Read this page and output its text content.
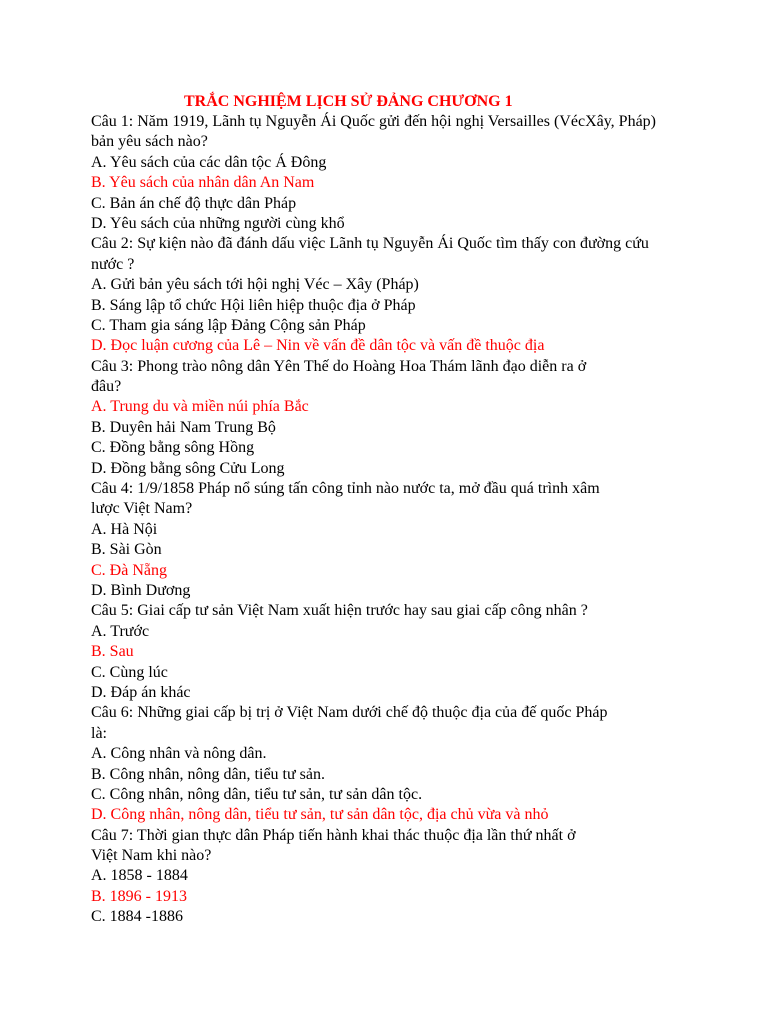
TRẮC NGHIỆM LỊCH SỬ ĐẢNG CHƯƠNG 1
Câu 1: Năm 1919, Lãnh tụ Nguyễn Ái Quốc gửi đến hội nghị Versailles (VécXây, Pháp)
bản yêu sách nào?
A. Yêu sách của các dân tộc Á Đông
B. Yêu sách của nhân dân An Nam
C. Bản án chế độ thực dân Pháp
D. Yêu sách của những người cùng khổ
Câu 2: Sự kiện nào đã đánh dấu việc Lãnh tụ Nguyễn Ái Quốc tìm thấy con đường cứu
nước ?
A. Gửi bản yêu sách tới hội nghị Véc – Xây (Pháp)
B. Sáng lập tổ chức Hội liên hiệp thuộc địa ở Pháp
C. Tham gia sáng lập Đảng Cộng sản Pháp
D. Đọc luận cương của Lê – Nin về vấn đề dân tộc và vấn đề thuộc địa
Câu 3: Phong trào nông dân Yên Thế do Hoàng Hoa Thám lãnh đạo diễn ra ở
đâu?
A. Trung du và miền núi phía Bắc
B. Duyên hải Nam Trung Bộ
C. Đồng bằng sông Hồng
D. Đồng bằng sông Cửu Long
Câu 4: 1/9/1858 Pháp nổ súng tấn công tỉnh nào nước ta, mở đầu quá trình xâm
lược Việt Nam?
A. Hà Nội
B. Sài Gòn
C. Đà Nẵng
D. Bình Dương
Câu 5: Giai cấp tư sản Việt Nam xuất hiện trước hay sau giai cấp công nhân ?
A. Trước
B. Sau
C. Cùng lúc
D. Đáp án khác
Câu 6: Những giai cấp bị trị ở Việt Nam dưới chế độ thuộc địa của đế quốc Pháp
là:
A. Công nhân và nông dân.
B. Công nhân, nông dân, tiểu tư sản.
C. Công nhân, nông dân, tiểu tư sản, tư sản dân tộc.
D. Công nhân, nông dân, tiểu tư sản, tư sản dân tộc, địa chủ vừa và nhỏ
Câu 7: Thời gian thực dân Pháp tiến hành khai thác thuộc địa lần thứ nhất ở
Việt Nam khi nào?
A. 1858 - 1884
B. 1896 - 1913
C. 1884 -1886
